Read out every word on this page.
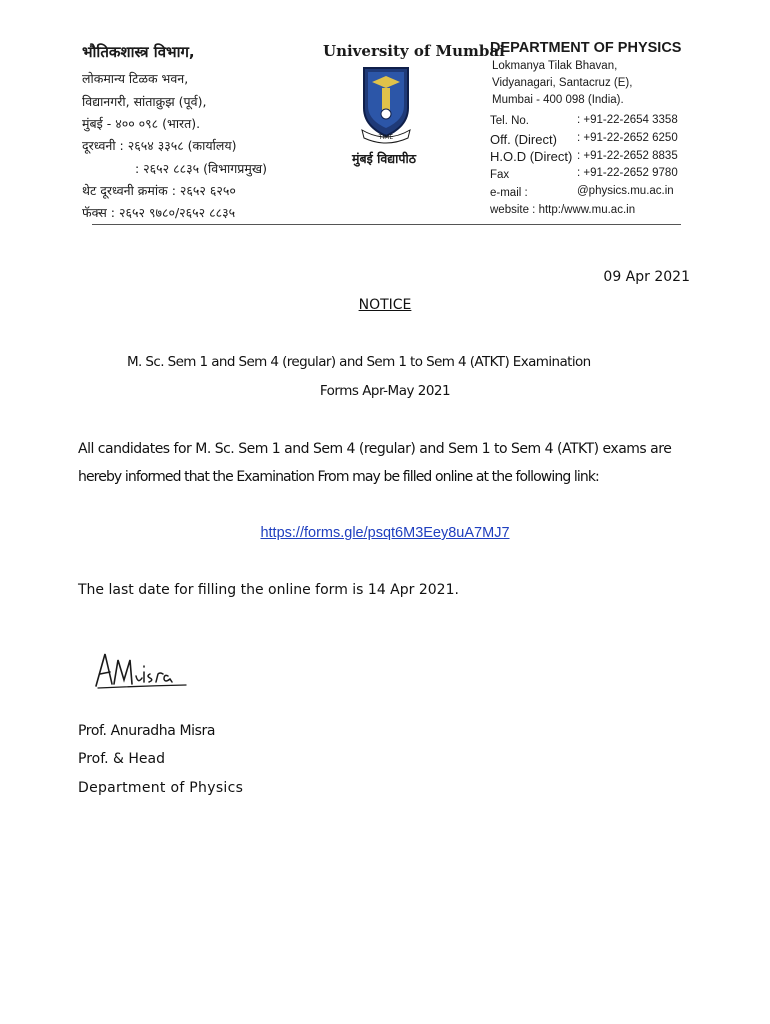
भौतिकशास्त्र विभाग,
लोकमान्य टिळक भवन,
विद्यानगरी, सांताक्रुझ (पूर्व),
मुंबई - ४०० ०९८ (भारत).
दूरध्वनी : २६५४ ३३५८ (कार्यालय)
: २६५२ ८८३५ (विभागप्रमुख)
थेट दूरध्वनी क्रमांक : २६५२ ६२५०
फॅक्स : २६५२ ९७८०/२६५२ ८८३५
University of Mumbai
TIME
मुंबई विद्यापीठ
DEPARTMENT OF PHYSICS
Lokmanya Tilak Bhavan,
Vidyanagari, Santacruz (E),
Mumbai - 400 098 (India).
Tel. No.	: +91-22-2654 3358
Off. (Direct) : +91-22-2652 6250
H.O.D (Direct) : +91-22-2652 8835
Fax	: +91-22-2652 9780
e-mail :	@physics.mu.ac.in
website : http:/www.mu.ac.in
09 Apr 2021
NOTICE
M. Sc. Sem 1 and Sem 4 (regular) and Sem 1 to Sem 4 (ATKT) Examination
Forms Apr-May 2021
All candidates for M. Sc. Sem 1 and Sem 4 (regular) and Sem 1 to Sem 4 (ATKT) exams are
hereby informed that the Examination From may be filled online at the following link:
https://forms.gle/psqt6M3Eey8uA7MJ7
The last date for filling the online form is 14 Apr 2021.
AMisra
Prof. Anuradha Misra
Prof. & Head
Department of Physics
